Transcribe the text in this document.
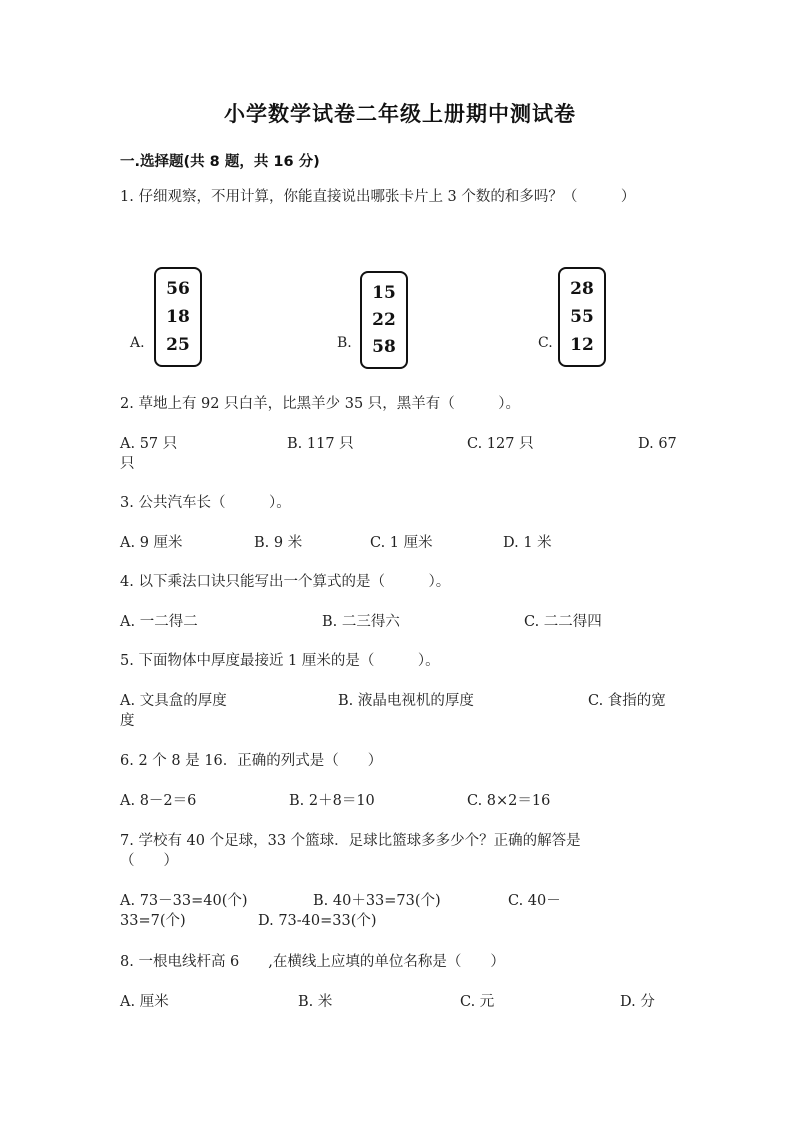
小学数学试卷二年级上册期中测试卷
一.选择题(共 8 题，共 16 分)
1. 仔细观察，不用计算，你能直接说出哪张卡片上 3 个数的和多吗？（　　　）
A.
56
18
25	B.
15
22
58	C.
28
55
12
2. 草地上有 92 只白羊，比黑羊少 35 只，黑羊有（　　　）。
A. 57 只	B. 117 只	C. 127 只	D. 67
只
3. 公共汽车长（　　　）。
A. 9 厘米	B. 9 米	C. 1 厘米	D. 1 米
4. 以下乘法口诀只能写出一个算式的是（　　　）。
A. 一二得二	B. 二三得六	C. 二二得四
5. 下面物体中厚度最接近 1 厘米的是（　　　）。
A. 文具盒的厚度	B. 液晶电视机的厚度	C. 食指的宽
度
6. 2 个 8 是 16．正确的列式是（　　）
A. 8－2＝6	B. 2＋8＝10	C. 8×2＝16
7. 学校有 40 个足球，33 个篮球．足球比篮球多多少个？正确的解答是
（　　）
A. 73－33=40(个)	B. 40＋33=73(个)	C. 40－
33=7(个)	D. 73-40=33(个)
8. 一根电线杆高 6　　,在横线上应填的单位名称是（　　）
A. 厘米	B. 米	C. 元	D. 分
